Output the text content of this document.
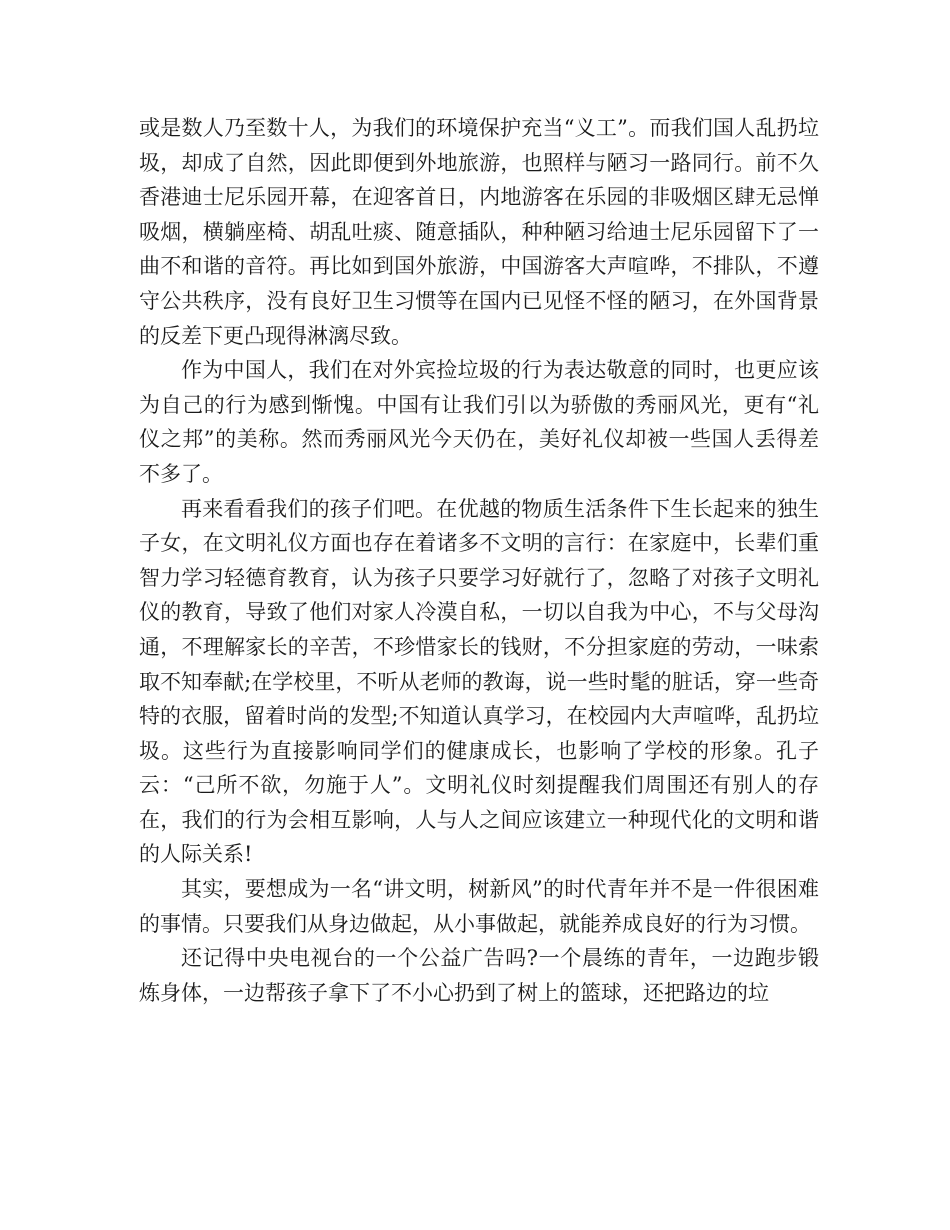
或是数人乃至数十人，为我们的环境保护充当“义工”。而我们国人乱扔垃圾，却成了自然，因此即便到外地旅游，也照样与陋习一路同行。前不久香港迪士尼乐园开幕，在迎客首日，内地游客在乐园的非吸烟区肆无忌惮吸烟，横躺座椅、胡乱吐痰、随意插队，种种陋习给迪士尼乐园留下了一曲不和谐的音符。再比如到国外旅游，中国游客大声喧哗，不排队，不遵守公共秩序，没有良好卫生习惯等在国内已见怪不怪的陋习，在外国背景的反差下更凸现得淋漓尽致。

作为中国人，我们在对外宾捡垃圾的行为表达敬意的同时，也更应该为自己的行为感到惭愧。中国有让我们引以为骄傲的秀丽风光，更有“礼仪之邦”的美称。然而秀丽风光今天仍在，美好礼仪却被一些国人丢得差不多了。

再来看看我们的孩子们吧。在优越的物质生活条件下生长起来的独生子女，在文明礼仪方面也存在着诸多不文明的言行：在家庭中，长辈们重智力学习轻德育教育，认为孩子只要学习好就行了，忽略了对孩子文明礼仪的教育，导致了他们对家人冷漠自私，一切以自我为中心，不与父母沟通，不理解家长的辛苦，不珍惜家长的钱财，不分担家庭的劳动，一味索取不知奉献;在学校里，不听从老师的教诲，说一些时髦的脏话，穿一些奇特的衣服，留着时尚的发型;不知道认真学习，在校园内大声喧哗，乱扔垃圾。这些行为直接影响同学们的健康成长，也影响了学校的形象。孔子云：“己所不欲，勿施于人”。文明礼仪时刻提醒我们周围还有别人的存在，我们的行为会相互影响，人与人之间应该建立一种现代化的文明和谐的人际关系!

其实，要想成为一名“讲文明，树新风”的时代青年并不是一件很困难的事情。只要我们从身边做起，从小事做起，就能养成良好的行为习惯。

还记得中央电视台的一个公益广告吗?一个晨练的青年，一边跑步锻炼身体，一边帮孩子拿下了不小心扔到了树上的篮球，还把路边的垃
